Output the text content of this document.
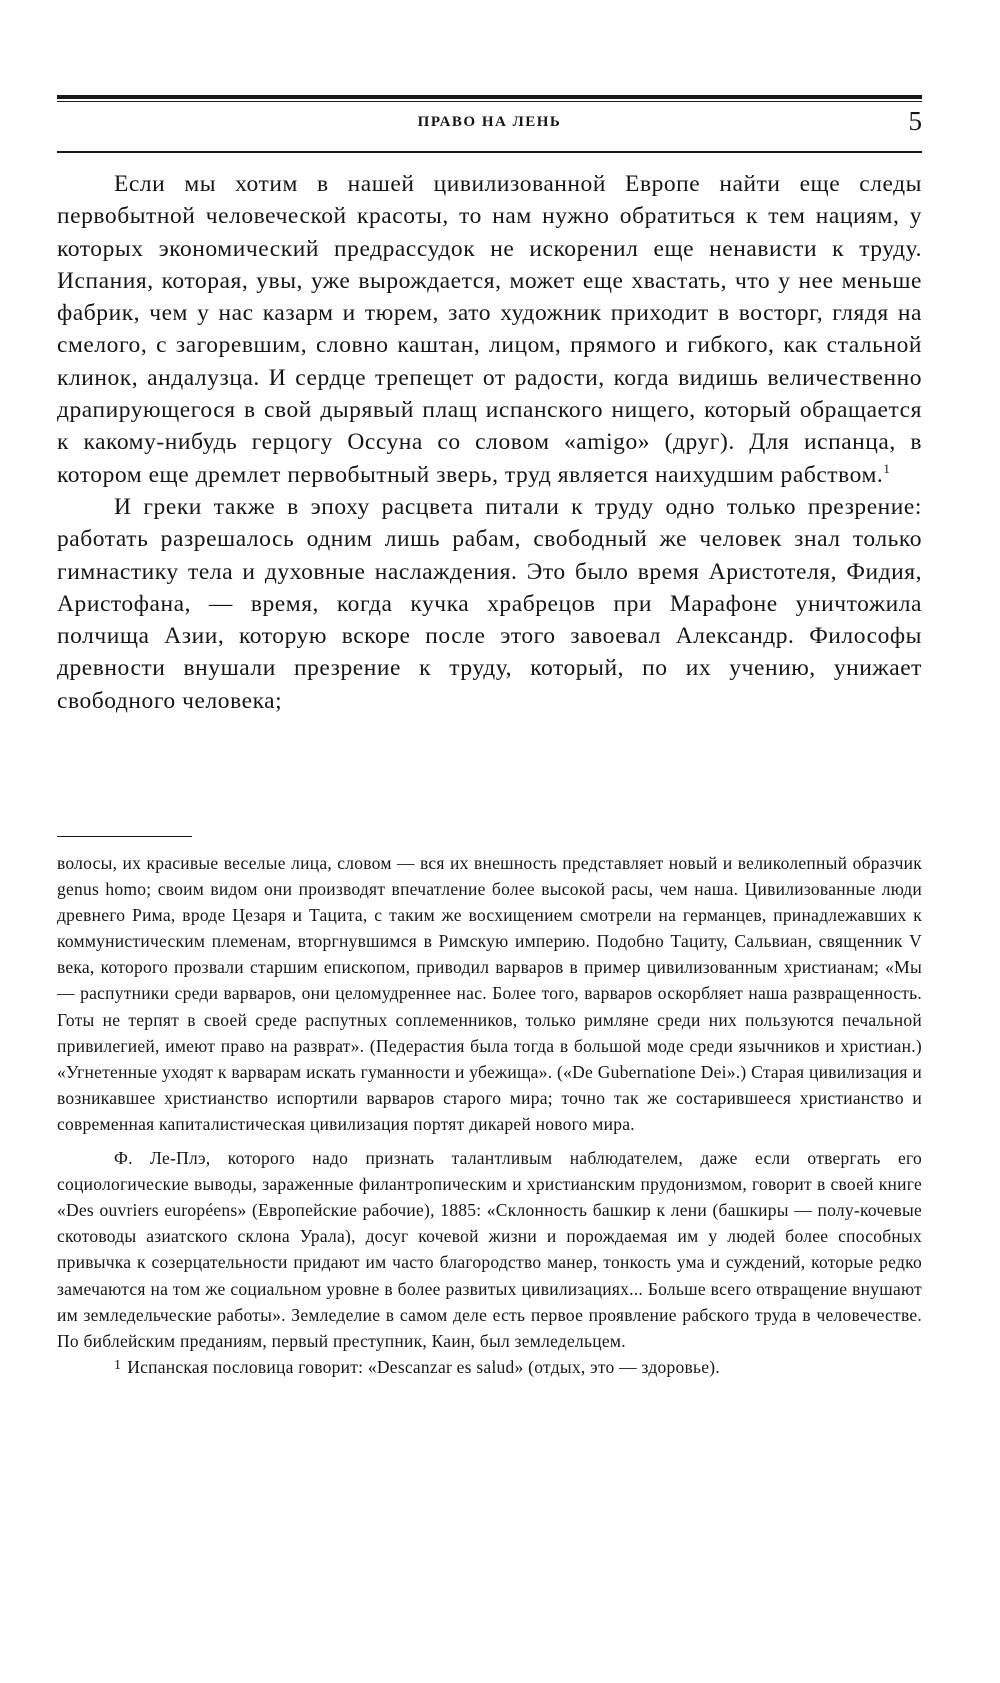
ПРАВО НА ЛЕНЬ	5

Если мы хотим в нашей цивилизованной Европе найти еще следы первобытной человеческой красоты, то нам нужно обратиться к тем нациям, у которых экономический предрассудок не искоренил еще ненависти к труду. Испания, которая, увы, уже вырождается, может еще хвастать, что у нее меньше фабрик, чем у нас казарм и тюрем, зато художник приходит в восторг, глядя на смелого, с загоревшим, словно каштан, лицом, прямого и гибкого, как стальной клинок, андалузца. И сердце трепещет от радости, когда видишь величественно драпирующегося в свой дырявый плащ испанского нищего, который обращается к какому-нибудь герцогу Оссуна со словом «amigo» (друг). Для испанца, в котором еще дремлет первобытный зверь, труд является наихудшим рабством.$^1$

И греки также в эпоху расцвета питали к труду одно только презрение: работать разрешалось одним лишь рабам, свободный же человек знал только гимнастику тела и духовные наслаждения. Это было время Аристотеля, Фидия, Аристофана, — время, когда кучка храбрецов при Марафоне уничтожила полчища Азии, которую вскоре после этого завоевал Александр. Философы древности внушали презрение к труду, который, по их учению, унижает свободного человека;

волосы, их красивые веселые лица, словом — вся их внешность представляет новый и великолепный образчик genus homo; своим видом они производят впечатление более высокой расы, чем наша. Цивилизованные люди древнего Рима, вроде Цезаря и Тацита, с таким же восхищением смотрели на германцев, принадлежавших к коммунистическим племенам, вторгнувшимся в Римскую империю. Подобно Тациту, Сальвиан, священник V века, которого прозвали старшим епископом, приводил варваров в пример цивилизованным христианам; «Мы — распутники среди варваров, они целомудреннее нас. Более того, варваров оскорбляет наша развращенность. Готы не терпят в своей среде распутных соплеменников, только римляне среди них пользуются печальной привилегией, имеют право на разврат». (Педерастия была тогда в большой моде среди язычников и христиан.) «Угнетенные уходят к варварам искать гуманности и убежища». («De Gubernatione Dei».) Старая цивилизация и возникавшее христианство испортили варваров старого мира; точно так же состарившееся христианство и современная капиталистическая цивилизация портят дикарей нового мира.

Ф. Ле-Плэ, которого надо признать талантливым наблюдателем, даже если отвергать его социологические выводы, зараженные филантропическим и христианским прудонизмом, говорит в своей книге «Des ouvriers européens» (Европейские рабочие), 1885: «Склонность башкир к лени (башкиры — полу-кочевые скотоводы азиатского склона Урала), досуг кочевой жизни и порождаемая им у людей более способных привычка к созерцательности придают им часто благородство манер, тонкость ума и суждений, которые редко замечаются на том же социальном уровне в более развитых цивилизациях... Больше всего отвращение внушают им земледельческие работы». Земледелие в самом деле есть первое проявление рабского труда в человечестве. По библейским преданиям, первый преступник, Каин, был земледельцем.

$^1$ Испанская пословица говорит: «Descanzar es salud» (отдых, это — здоровье).
